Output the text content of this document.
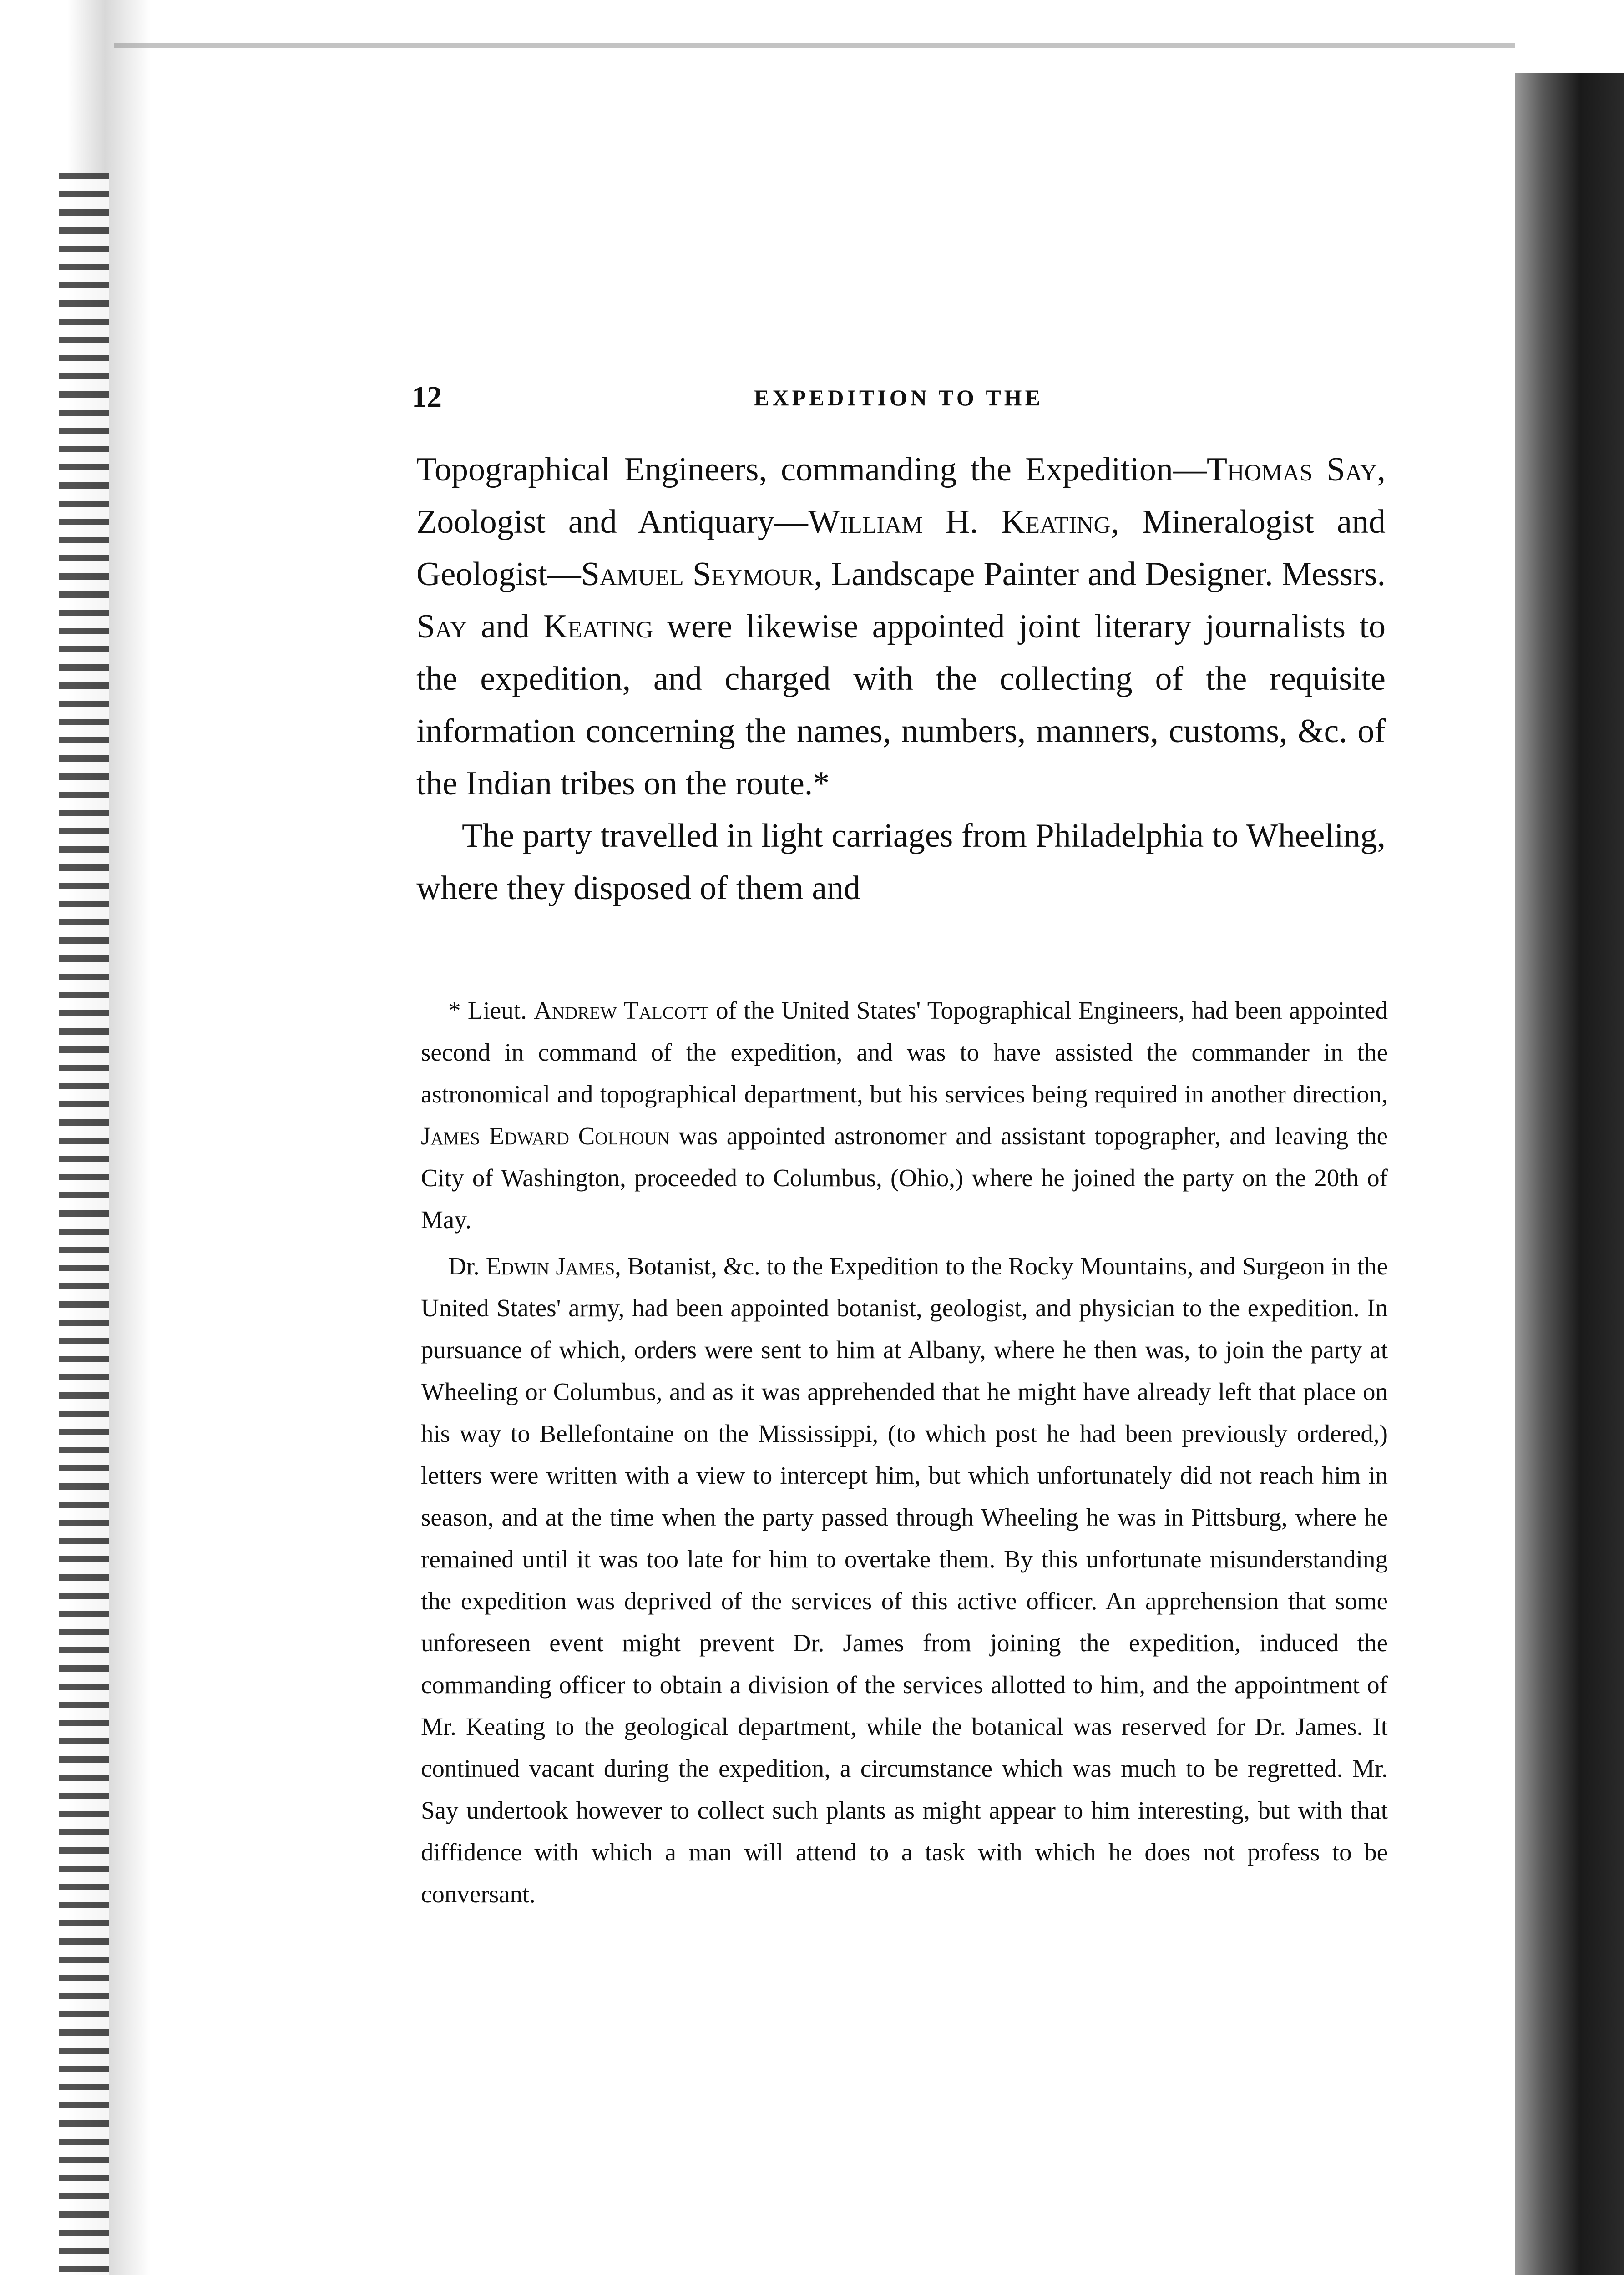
12	EXPEDITION TO THE

Topographical Engineers, commanding the Expedition—Thomas Say, Zoologist and Antiquary—William H. Keating, Mineralogist and Geologist—Samuel Seymour, Landscape Painter and Designer. Messrs. Say and Keating were likewise appointed joint literary journalists to the expedition, and charged with the collecting of the requisite information concerning the names, numbers, manners, customs, &c. of the Indian tribes on the route.*

The party travelled in light carriages from Philadelphia to Wheeling, where they disposed of them and

* Lieut. Andrew Talcott of the United States' Topographical Engineers, had been appointed second in command of the expedition, and was to have assisted the commander in the astronomical and topographical department, but his services being required in another direction, James Edward Colhoun was appointed astronomer and assistant topographer, and leaving the City of Washington, proceeded to Columbus, (Ohio,) where he joined the party on the 20th of May.

Dr. Edwin James, Botanist, &c. to the Expedition to the Rocky Mountains, and Surgeon in the United States' army, had been appointed botanist, geologist, and physician to the expedition. In pursuance of which, orders were sent to him at Albany, where he then was, to join the party at Wheeling or Columbus, and as it was apprehended that he might have already left that place on his way to Bellefontaine on the Mississippi, (to which post he had been previously ordered,) letters were written with a view to intercept him, but which unfortunately did not reach him in season, and at the time when the party passed through Wheeling he was in Pittsburg, where he remained until it was too late for him to overtake them. By this unfortunate misunderstanding the expedition was deprived of the services of this active officer. An apprehension that some unforeseen event might prevent Dr. James from joining the expedition, induced the commanding officer to obtain a division of the services allotted to him, and the appointment of Mr. Keating to the geological department, while the botanical was reserved for Dr. James. It continued vacant during the expedition, a circumstance which was much to be regretted. Mr. Say undertook however to collect such plants as might appear to him interesting, but with that diffidence with which a man will attend to a task with which he does not profess to be conversant.
